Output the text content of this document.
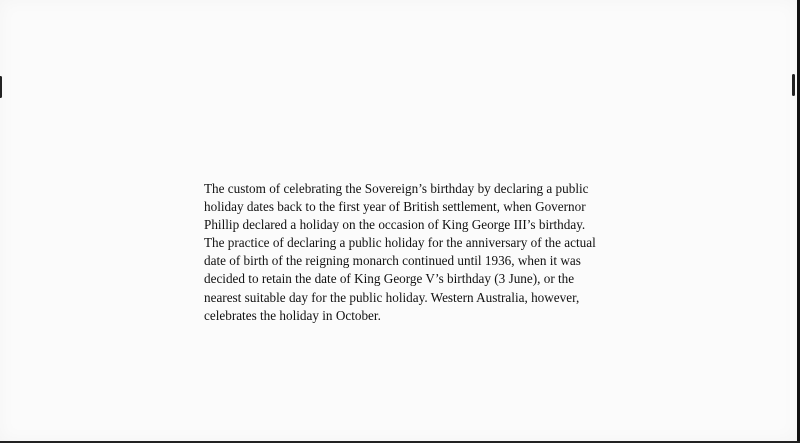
The custom of celebrating the Sovereign’s birthday by declaring a public
holiday dates back to the first year of British settlement, when Governor
Phillip declared a holiday on the occasion of King George III’s birthday.
The practice of declaring a public holiday for the anniversary of the actual
date of birth of the reigning monarch continued until 1936, when it was
decided to retain the date of King George V’s birthday (3 June), or the
nearest suitable day for the public holiday. Western Australia, however,
celebrates the holiday in October.
